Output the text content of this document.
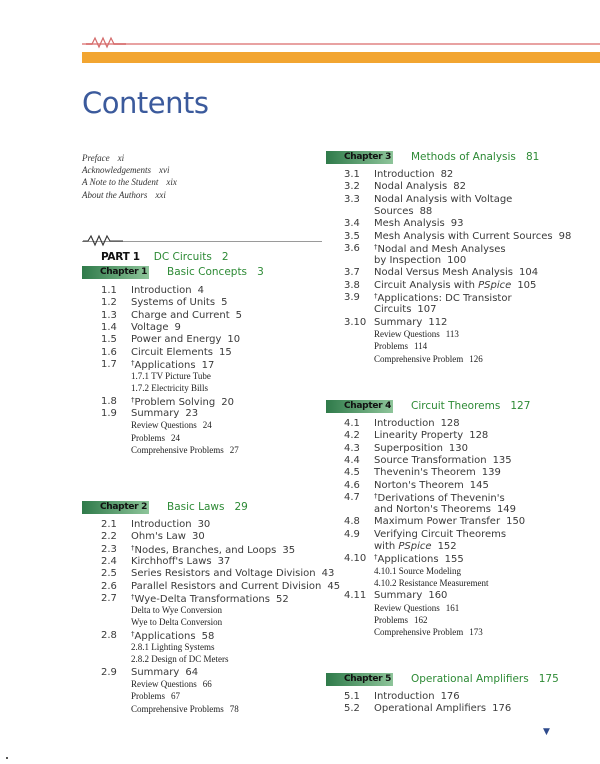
Contents
Preface xi
Acknowledgements xvi
A Note to the Student xix
About the Authors xxi
PART 1 DC Circuits 2
Chapter 1 Basic Concepts 3
Chapter 2 Basic Laws 29
Chapter 3 Methods of Analysis 81
Chapter 4 Circuit Theorems 127
Chapter 5 Operational Amplifiers 175
1.1 Introduction 4
1.2 Systems of Units 5
1.3 Charge and Current 5
1.4 Voltage 9
1.5 Power and Energy 10
1.6 Circuit Elements 15
1.7 †Applications 17
1.7.1 TV Picture Tube
1.7.2 Electricity Bills
1.8 †Problem Solving 20
1.9 Summary 23
Review Questions 24
Problems 24
Comprehensive Problems 27
2.1 Introduction 30
2.2 Ohm's Law 30
2.3 †Nodes, Branches, and Loops 35
2.4 Kirchhoff's Laws 37
2.5 Series Resistors and Voltage Division 43
2.6 Parallel Resistors and Current Division 45
2.7 †Wye-Delta Transformations 52
Delta to Wye Conversion
Wye to Delta Conversion
2.8 †Applications 58
2.8.1 Lighting Systems
2.8.2 Design of DC Meters
2.9 Summary 64
Review Questions 66
Problems 67
Comprehensive Problems 78
3.1 Introduction 82
3.2 Nodal Analysis 82
3.3 Nodal Analysis with Voltage
Sources 88
3.4 Mesh Analysis 93
3.5 Mesh Analysis with Current Sources 98
3.6 †Nodal and Mesh Analyses
by Inspection 100
3.7 Nodal Versus Mesh Analysis 104
3.8 Circuit Analysis with PSpice 105
3.9 †Applications: DC Transistor
Circuits 107
3.10 Summary 112
Review Questions 113
Problems 114
Comprehensive Problem 126
4.1 Introduction 128
4.2 Linearity Property 128
4.3 Superposition 130
4.4 Source Transformation 135
4.5 Thevenin's Theorem 139
4.6 Norton's Theorem 145
4.7 †Derivations of Thevenin's
and Norton's Theorems 149
4.8 Maximum Power Transfer 150
4.9 Verifying Circuit Theorems
with PSpice 152
4.10 †Applications 155
4.10.1 Source Modeling
4.10.2 Resistance Measurement
4.11 Summary 160
Review Questions 161
Problems 162
Comprehensive Problem 173
5.1 Introduction 176
5.2 Operational Amplifiers 176
▼
